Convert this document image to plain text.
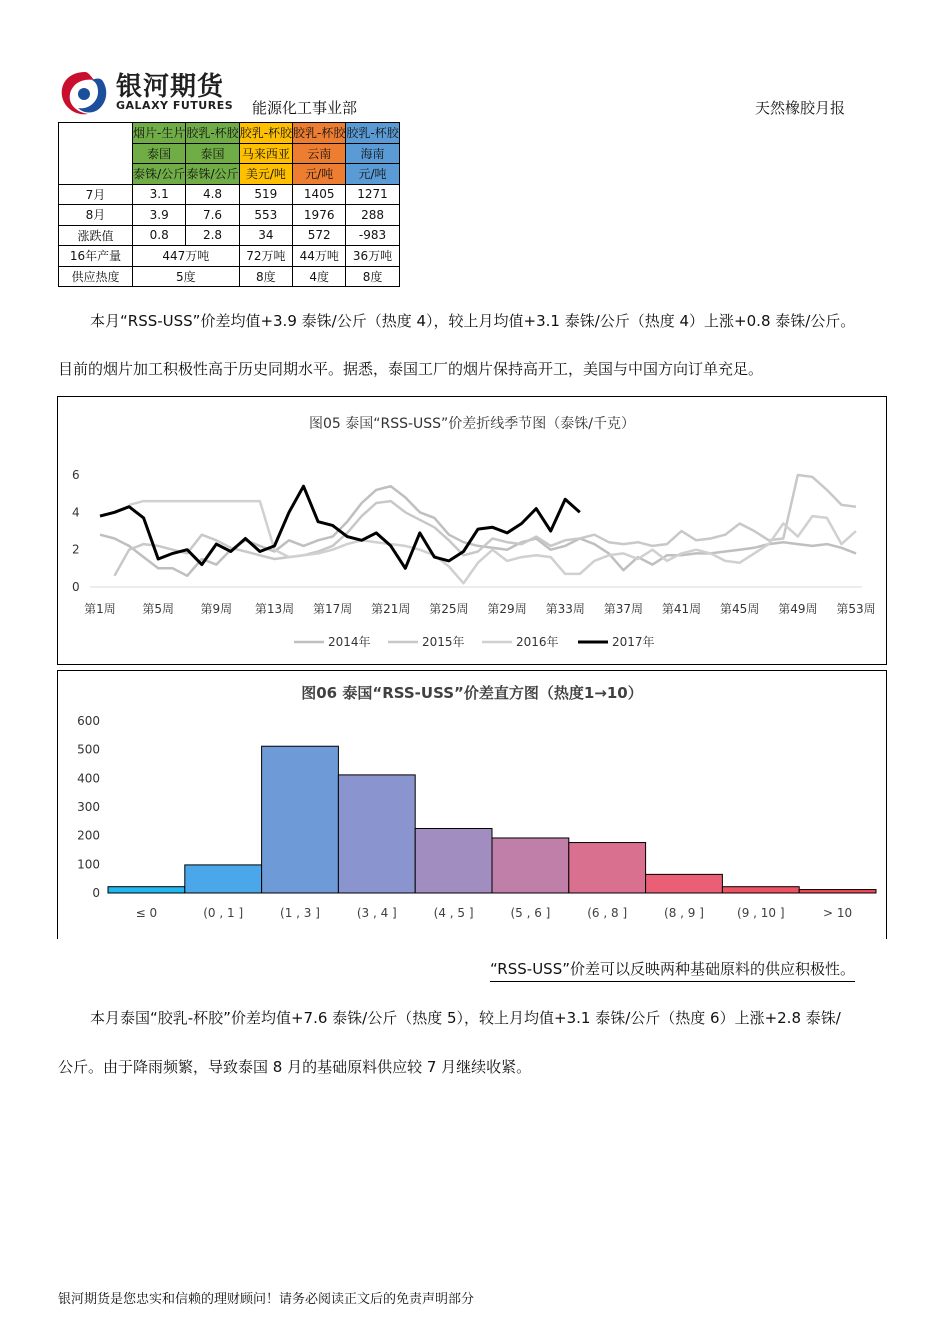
银河期货
GALAXY FUTURES 能源化工事业部	天然橡胶月报
	烟片-生片	胶乳-杯胶	胶乳-杯胶	胶乳-杯胶	胶乳-杯胶
	泰国	泰国	马来西亚	云南	海南
	泰铢/公斤	泰铢/公斤	美元/吨	元/吨	元/吨
7月	3.1	4.8	519	1405	1271
8月	3.9	7.6	553	1976	288
涨跌值	0.8	2.8	34	572	-983
16年产量	447万吨		72万吨	44万吨	36万吨
供应热度	5度		8度	4度	8度
本月“RSS-USS”价差均值+3.9 泰铢/公斤（热度 4），较上月均值+3.1 泰铢/公斤（热度 4）上涨+0.8 泰铢/公斤。
目前的烟片加工积极性高于历史同期水平。据悉，泰国工厂的烟片保持高开工，美国与中国方向订单充足。
图05 泰国“RSS-USS”价差折线季节图（泰铢/千克）
0
2
4
6
第1周 第5周 第9周 第13周 第17周 第21周 第25周 第29周 第33周 第37周 第41周 第45周 第49周 第53周
2014年	2015年	2016年	2017年
图06 泰国“RSS-USS”价差直方图（热度1→10）
0
100
200
300
400
500
600
≤ 0	(0 , 1 ]	(1 , 3 ]	(3 , 4 ]	(4 , 5 ]	(5 , 6 ]	(6 , 8 ]	(8 , 9 ]	(9 , 10 ]	> 10
“RSS-USS”价差可以反映两种基础原料的供应积极性。
本月泰国“胶乳-杯胶”价差均值+7.6 泰铢/公斤（热度 5），较上月均值+3.1 泰铢/公斤（热度 6）上涨+2.8 泰铢/
公斤。由于降雨频繁，导致泰国 8 月的基础原料供应较 7 月继续收紧。
银河期货是您忠实和信赖的理财顾问！请务必阅读正文后的免责声明部分
